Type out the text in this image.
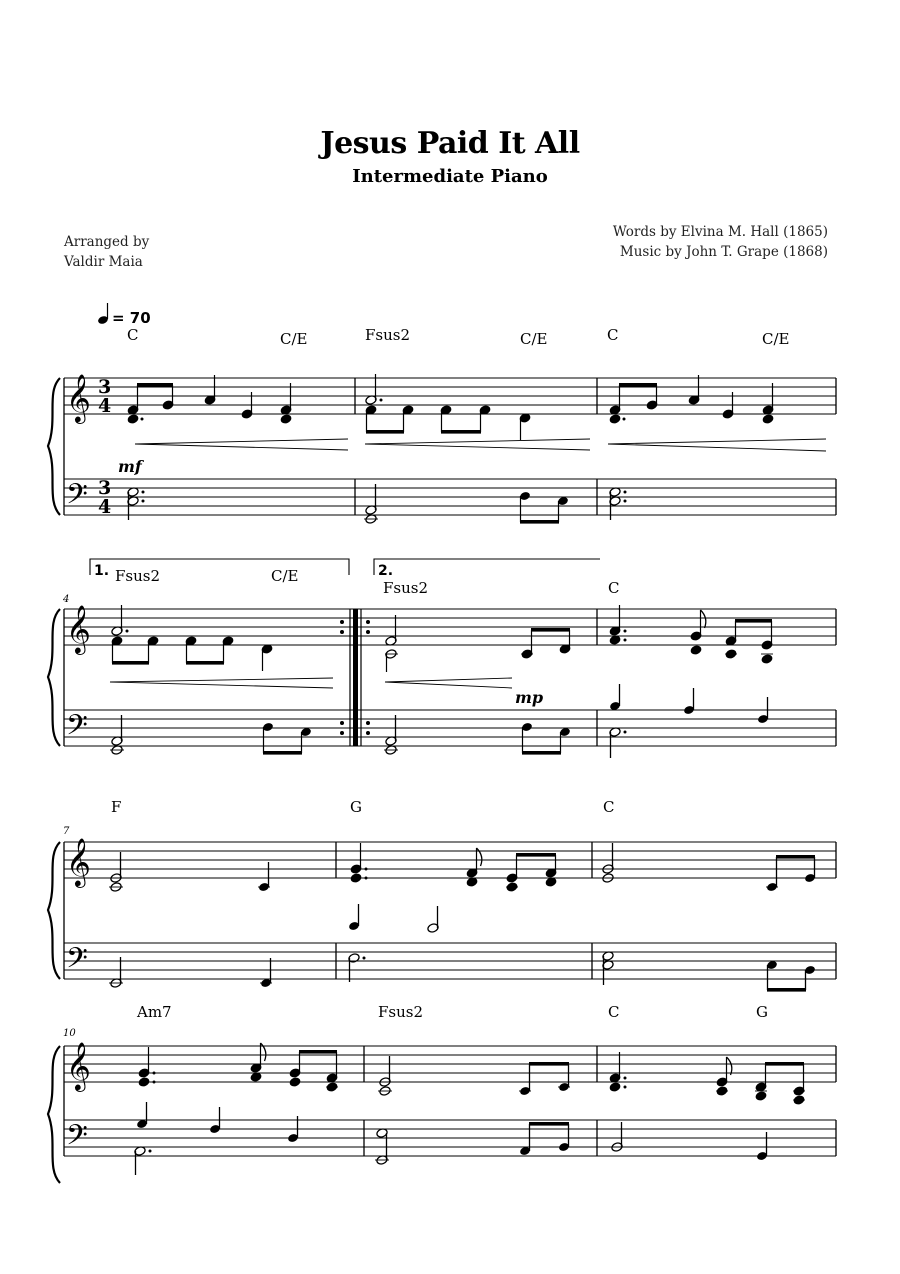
Jesus Paid It All
Intermediate Piano
Arranged by
Valdir Maia
Words by Elvina M. Hall (1865)
Music by John T. Grape (1868)
= 70
C	C/E	Fsus2	C/E	C	C/E
𝄞
𝄢
3
4
3
4
mf
1.	2.
Fsus2	C/E
Fsus2	C
4
𝄞
𝄢
mp
F	G	C
7
𝄞
𝄢
Am7	Fsus2	C	G
10
𝄞
𝄢
